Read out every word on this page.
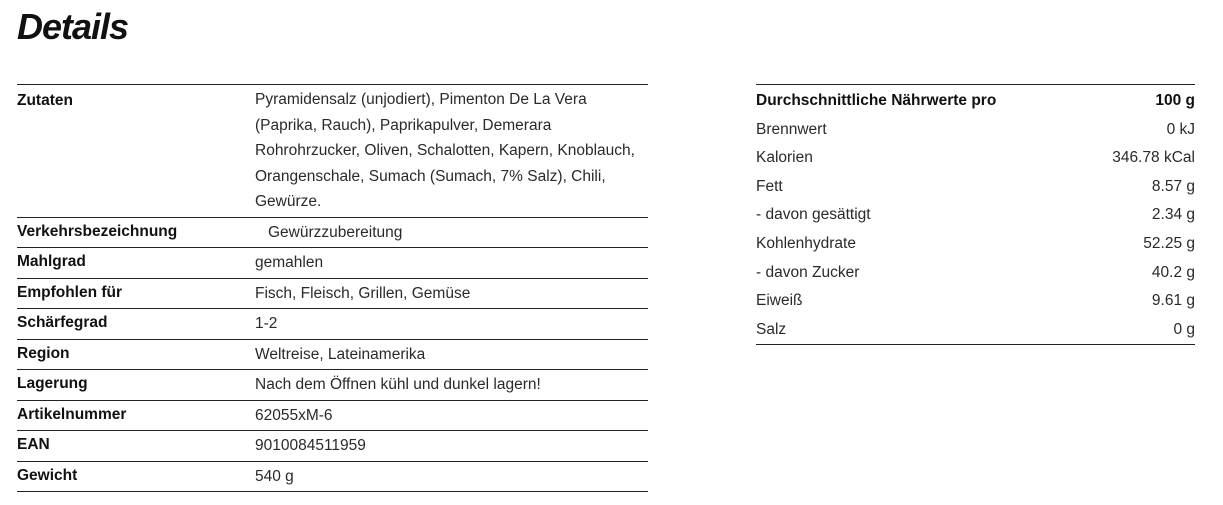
Details
Zutaten	Pyramidensalz (unjodiert), Pimenton De La Vera (Paprika, Rauch), Paprikapulver, Demerara Rohrohrzucker, Oliven, Schalotten, Kapern, Knoblauch, Orangenschale, Sumach (Sumach, 7% Salz), Chili, Gewürze.
Verkehrsbezeichnung	Gewürzzubereitung
Mahlgrad	gemahlen
Empfohlen für	Fisch, Fleisch, Grillen, Gemüse
Schärfegrad	1-2
Region	Weltreise, Lateinamerika
Lagerung	Nach dem Öffnen kühl und dunkel lagern!
Artikelnummer	62055xM-6
EAN	9010084511959
Gewicht	540 g
Durchschnittliche Nährwerte pro	100 g
Brennwert	0 kJ
Kalorien	346.78 kCal
Fett	8.57 g
- davon gesättigt	2.34 g
Kohlenhydrate	52.25 g
- davon Zucker	40.2 g
Eiweiß	9.61 g
Salz	0 g
